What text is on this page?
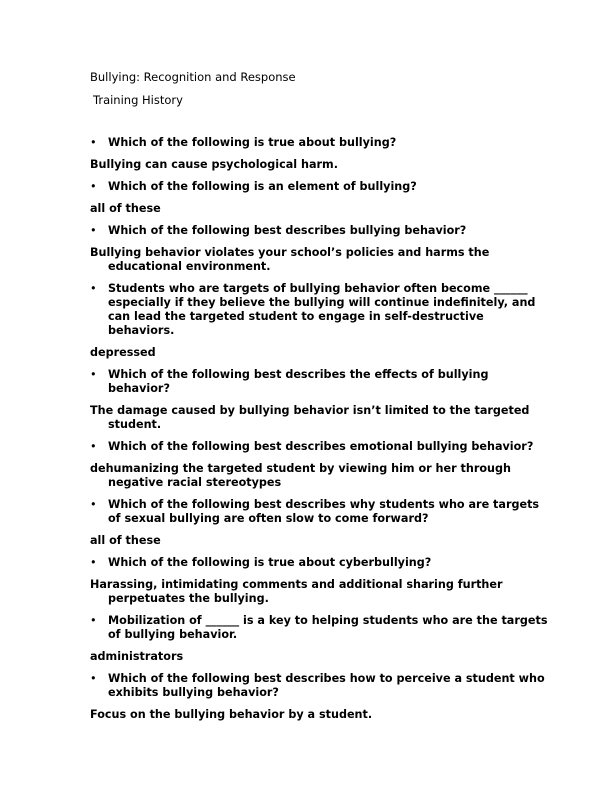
Bullying: Recognition and Response
Training History
• Which of the following is true about bullying?
Bullying can cause psychological harm.
• Which of the following is an element of bullying?
all of these
• Which of the following best describes bullying behavior?
Bullying behavior violates your school’s policies and harms the educational environment.
• Students who are targets of bullying behavior often become ______ especially if they believe the bullying will continue indefinitely, and can lead the targeted student to engage in self-destructive behaviors.
depressed
• Which of the following best describes the effects of bullying behavior?
The damage caused by bullying behavior isn’t limited to the targeted student.
• Which of the following best describes emotional bullying behavior?
dehumanizing the targeted student by viewing him or her through negative racial stereotypes
• Which of the following best describes why students who are targets of sexual bullying are often slow to come forward?
all of these
• Which of the following is true about cyberbullying?
Harassing, intimidating comments and additional sharing further perpetuates the bullying.
• Mobilization of ______ is a key to helping students who are the targets of bullying behavior.
administrators
• Which of the following best describes how to perceive a student who exhibits bullying behavior?
Focus on the bullying behavior by a student.
